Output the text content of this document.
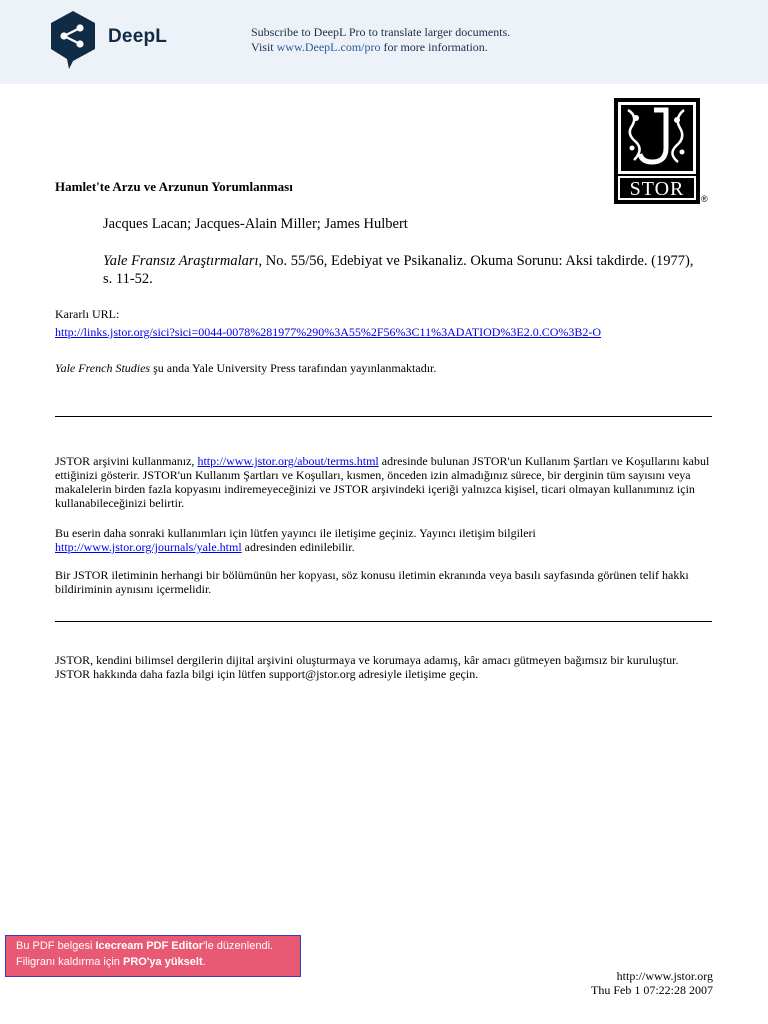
DeepL	Subscribe to DeepL Pro to translate larger documents.
Visit www.DeepL.com/pro for more information.
STOR ®
Hamlet'te Arzu ve Arzunun Yorumlanması
Jacques Lacan; Jacques-Alain Miller; James Hulbert
Yale Fransız Araştırmaları, No. 55/56, Edebiyat ve Psikanaliz. Okuma Sorunu: Aksi takdirde. (1977), s. 11-52.
Kararlı URL:
http://links.jstor.org/sici?sici=0044-0078%281977%290%3A55%2F56%3C11%3ADATIOD%3E2.0.CO%3B2-O
Yale French Studies şu anda Yale University Press tarafından yayınlanmaktadır.
JSTOR arşivini kullanmanız, http://www.jstor.org/about/terms.html adresinde bulunan JSTOR'un Kullanım Şartları ve Koşullarını kabul ettiğinizi gösterir. JSTOR'un Kullanım Şartları ve Koşulları, kısmen, önceden izin almadığınız sürece, bir derginin tüm sayısını veya makalelerin birden fazla kopyasını indiremeyeceğinizi ve JSTOR arşivindeki içeriği yalnızca kişisel, ticari olmayan kullanımınız için kullanabileceğinizi belirtir.
Bu eserin daha sonraki kullanımları için lütfen yayıncı ile iletişime geçiniz. Yayıncı iletişim bilgileri http://www.jstor.org/journals/yale.html adresinden edinilebilir.
Bir JSTOR iletiminin herhangi bir bölümünün her kopyası, söz konusu iletimin ekranında veya basılı sayfasında görünen telif hakkı bildiriminin aynısını içermelidir.
JSTOR, kendini bilimsel dergilerin dijital arşivini oluşturmaya ve korumaya adamış, kâr amacı gütmeyen bağımsız bir kuruluştur. JSTOR hakkında daha fazla bilgi için lütfen support@jstor.org adresiyle iletişime geçin.
Bu PDF belgesi Icecream PDF Editor'le düzenlendi.
Filigranı kaldırma için PRO'ya yükselt.
http://www.jstor.org
Thu Feb 1 07:22:28 2007
